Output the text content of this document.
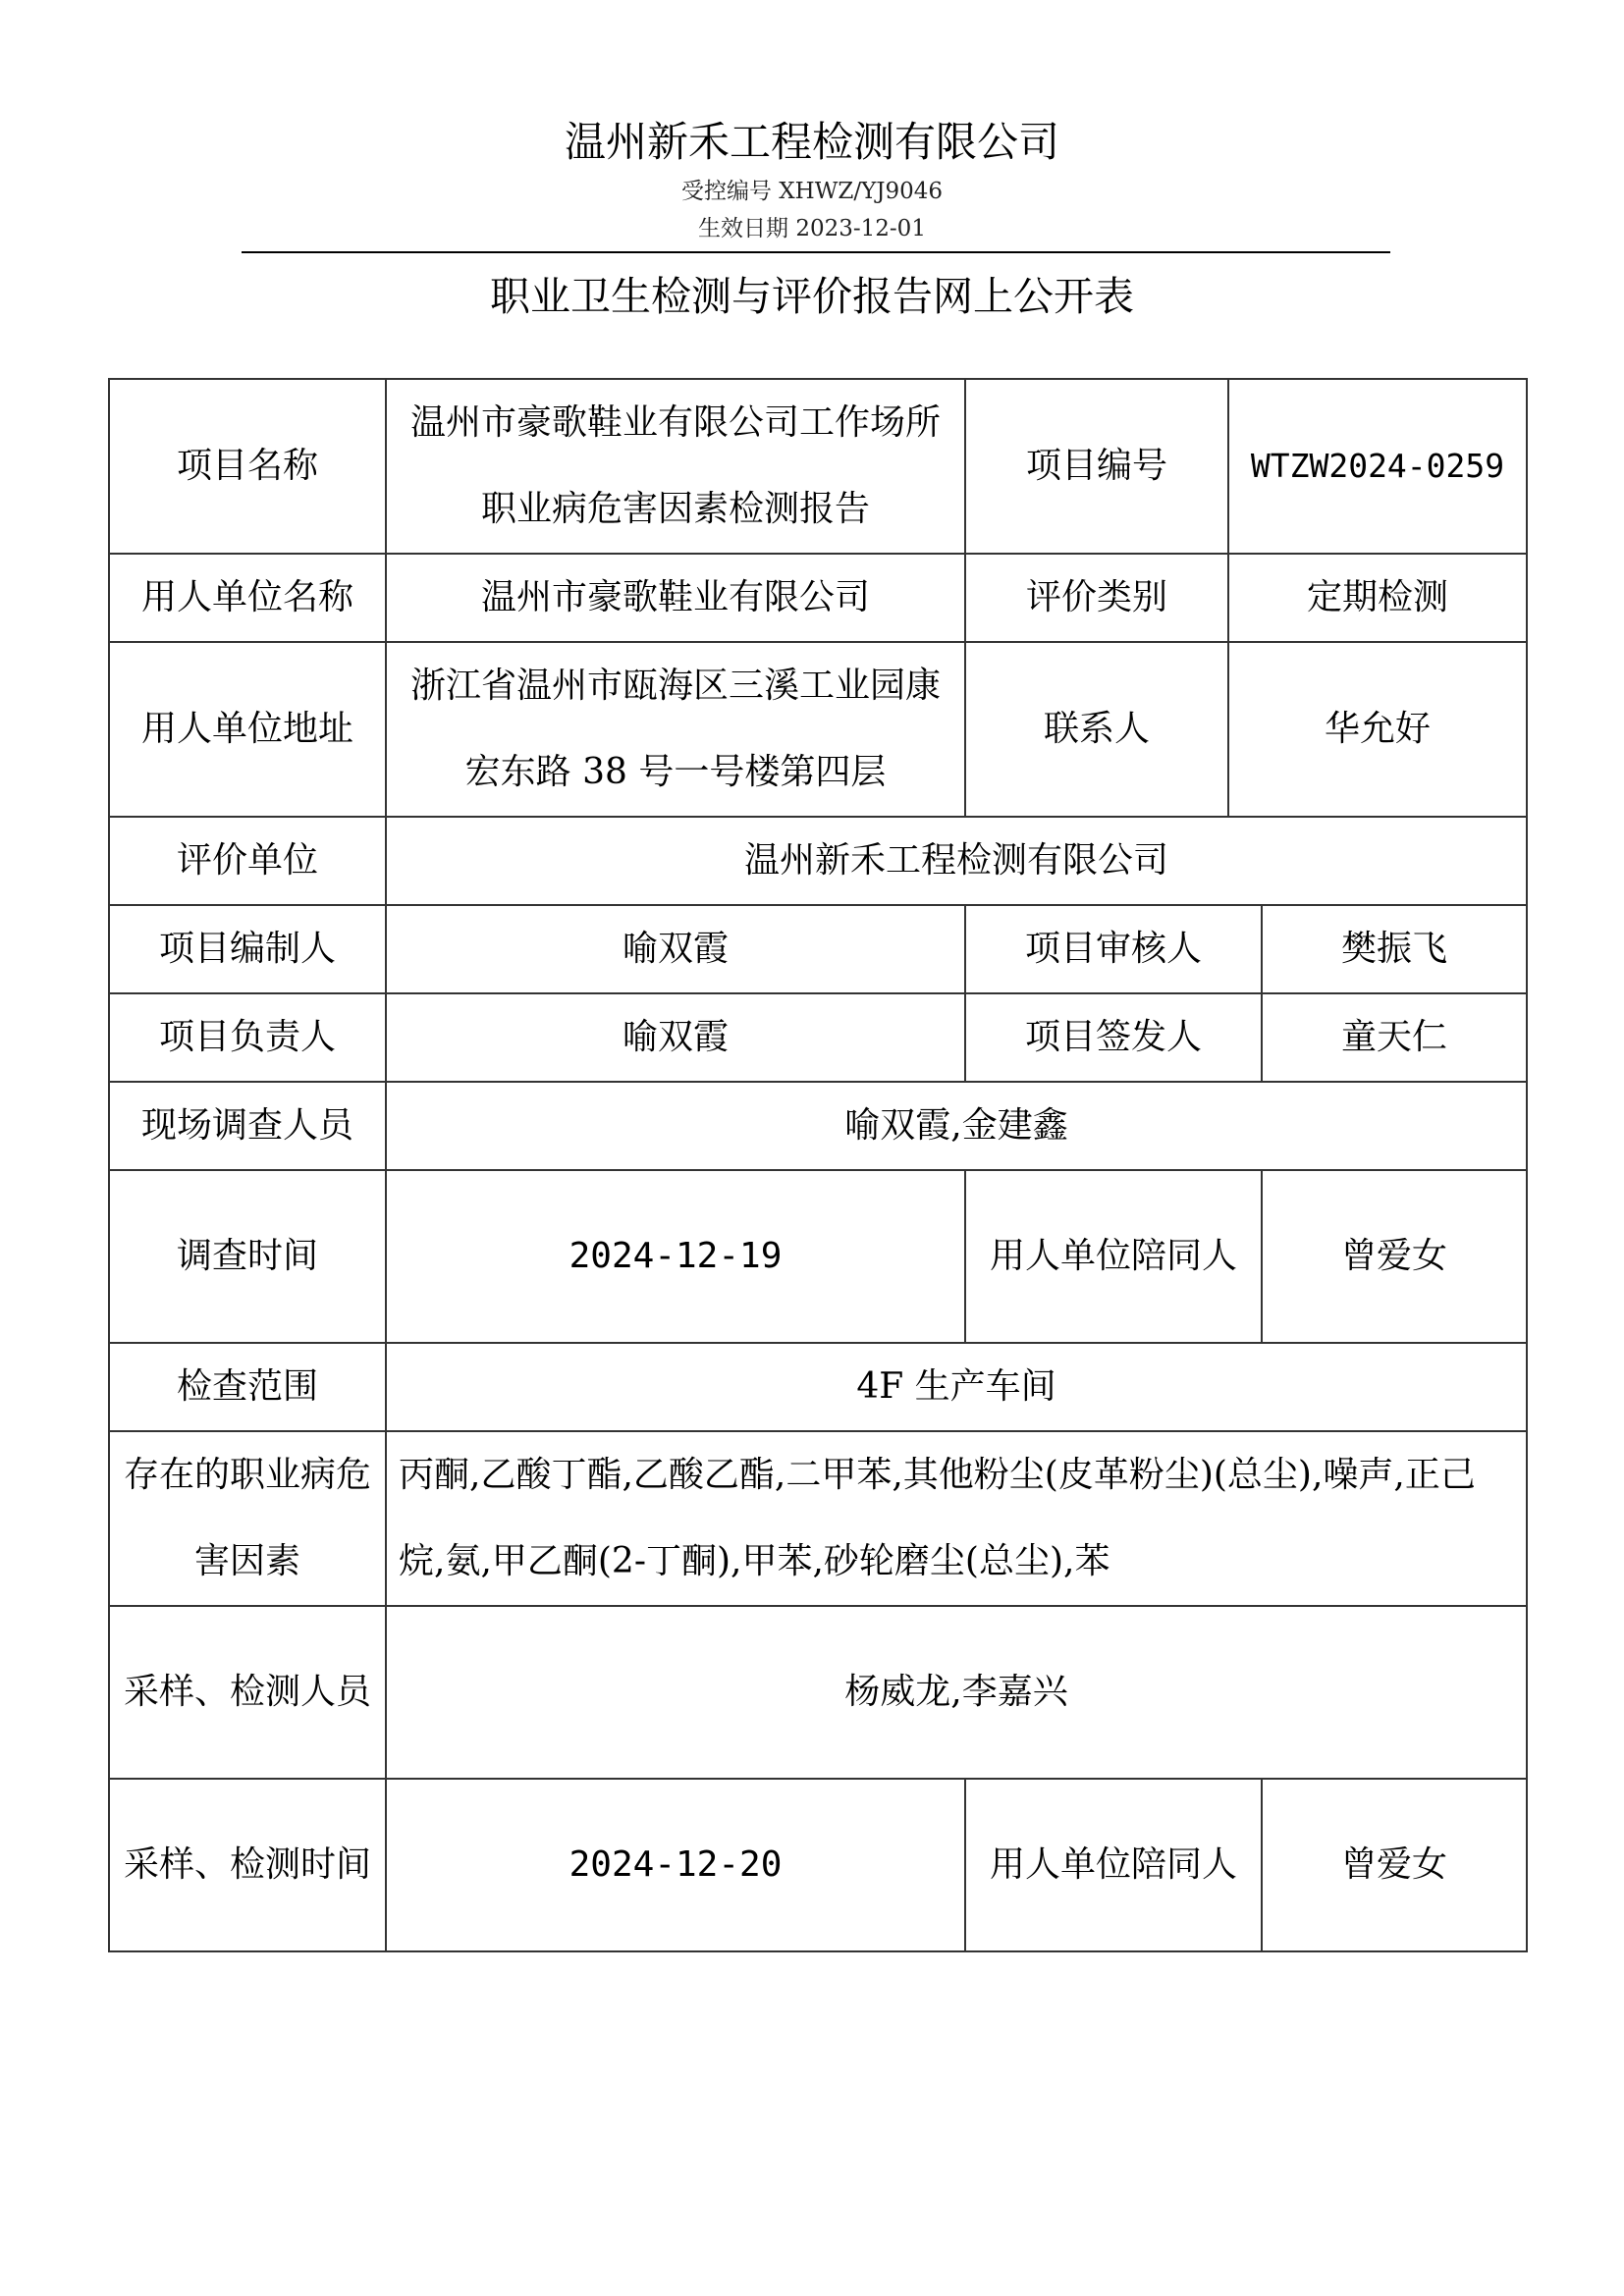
温州新禾工程检测有限公司
受控编号 XHWZ/YJ9046
生效日期 2023-12-01
职业卫生检测与评价报告网上公开表
项目名称	温州市豪歌鞋业有限公司工作场所职业病危害因素检测报告	项目编号 WTZW2024-0259	

用人单位名称	温州市豪歌鞋业有限公司	评价类别 定期检测	

用人单位地址	浙江省温州市瓯海区三溪工业园康宏东路 38 号一号楼第四层	联系人 华允好	

评价单位	温州新禾工程检测有限公司		
项目编制人	喻双霞	项目审核人	樊振飞
项目负责人	喻双霞	项目签发人	童天仁
现场调查人员	喻双霞,金建鑫		
调查时间	2024-12-19	用人单位陪同人	曾爱女
检查范围	4F 生产车间		
存在的职业病危害因素	丙酮,乙酸丁酯,乙酸乙酯,二甲苯,其他粉尘(皮革粉尘)(总尘),噪声,正己烷,氨,甲乙酮(2-丁酮),甲苯,砂轮磨尘(总尘),苯		
采样、检测人员	杨威龙,李嘉兴		
采样、检测时间	2024-12-20	用人单位陪同人	曾爱女
